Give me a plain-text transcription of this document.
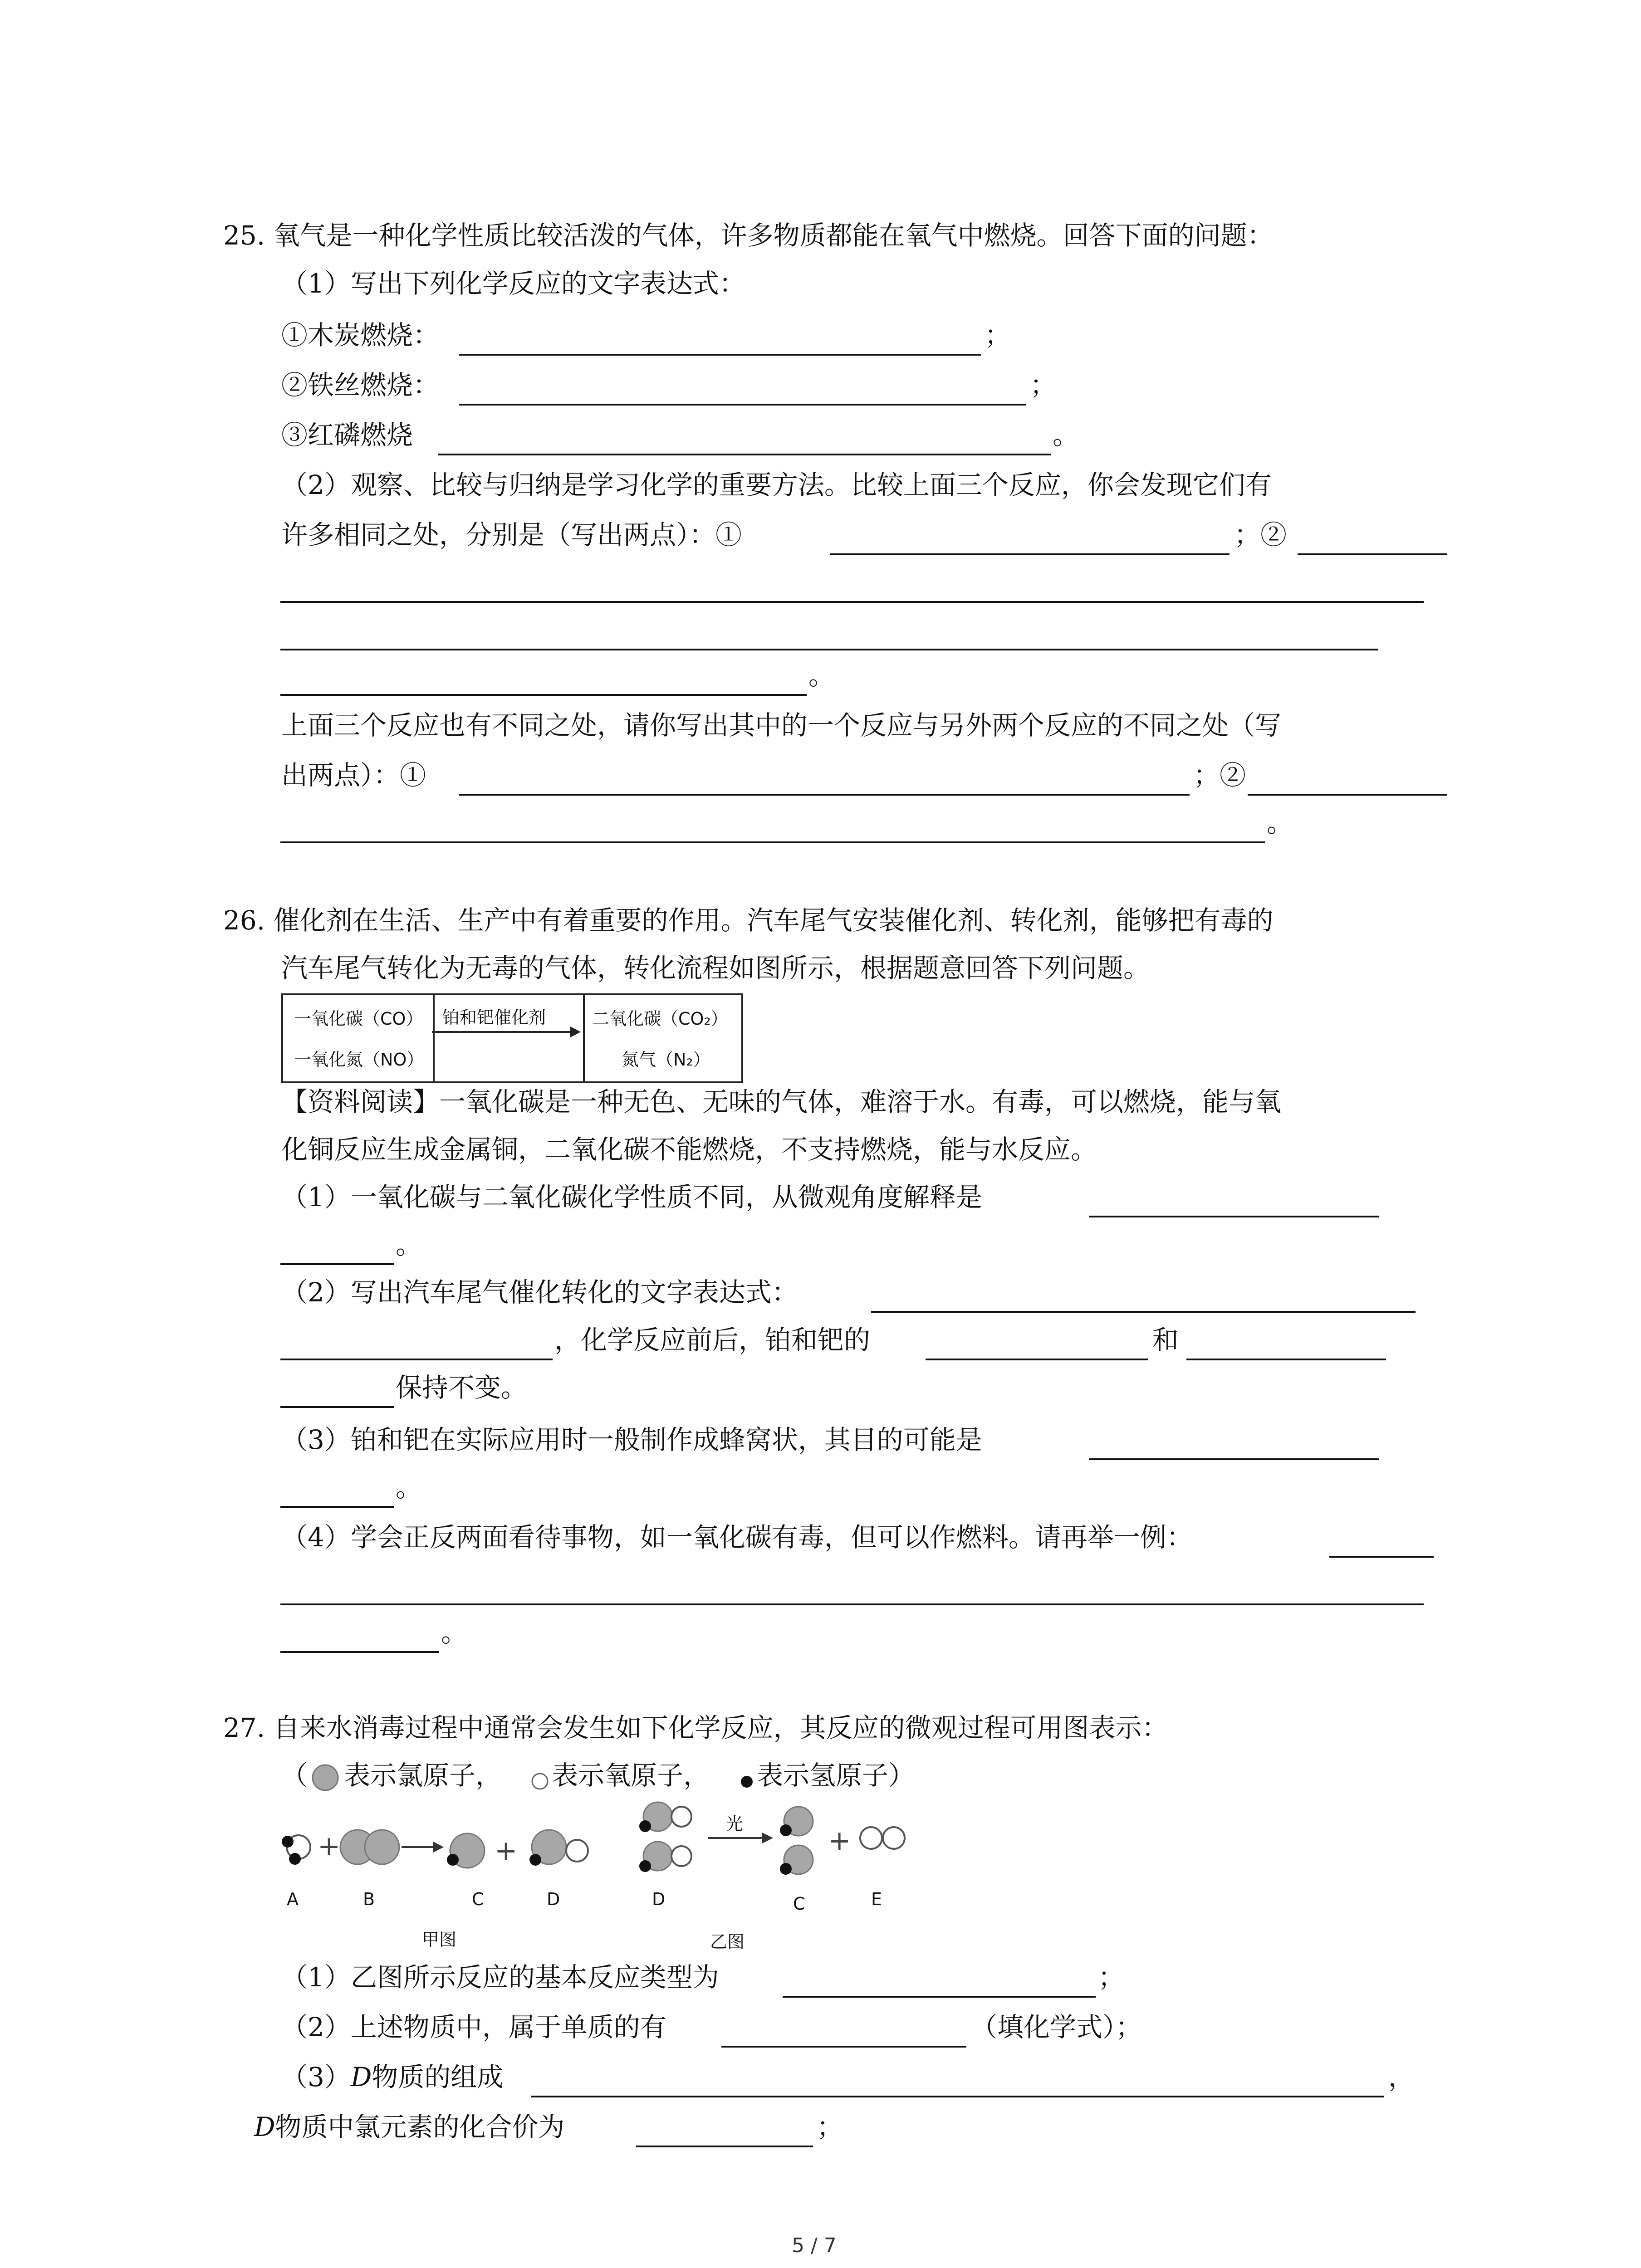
25. 氧气是一种化学性质比较活泼的气体，许多物质都能在氧气中燃烧。回答下面的问题：
（1）写出下列化学反应的文字表达式：
①木炭燃烧：	；
②铁丝燃烧：	；
③红磷燃烧	。
（2）观察、比较与归纳是学习化学的重要方法。比较上面三个反应，你会发现它们有
许多相同之处，分别是（写出两点）：①	；②
。
上面三个反应也有不同之处，请你写出其中的一个反应与另外两个反应的不同之处（写
出两点）：①	；②
。
26. 催化剂在生活、生产中有着重要的作用。汽车尾气安装催化剂、转化剂，能够把有毒的
汽车尾气转化为无毒的气体，转化流程如图所示，根据题意回答下列问题。
一氧化碳（CO）
一氧化氮（NO）
铂和钯催化剂	二氧化碳（CO₂）
氮气（N₂）
【资料阅读】一氧化碳是一种无色、无味的气体，难溶于水。有毒，可以燃烧，能与氧
化铜反应生成金属铜，二氧化碳不能燃烧，不支持燃烧，能与水反应。
（1）一氧化碳与二氧化碳化学性质不同，从微观角度解释是
。
（2）写出汽车尾气催化转化的文字表达式：
，化学反应前后，铂和钯的	和
保持不变。
（3）铂和钯在实际应用时一般制作成蜂窝状，其目的可能是
。
（4）学会正反两面看待事物，如一氧化碳有毒，但可以作燃料。请再举一例：
。
27. 自来水消毒过程中通常会发生如下化学反应，其反应的微观过程可用图表示：
（ 表示氯原子， 表示氧原子， 表示氢原子）
+	+
A	B	C	D
甲图
+
光
D	C	E
乙图
（1）乙图所示反应的基本反应类型为	；
（2）上述物质中，属于单质的有	（填化学式）；
（3）D物质的组成	，
D物质中氯元素的化合价为	；
5 / 7
